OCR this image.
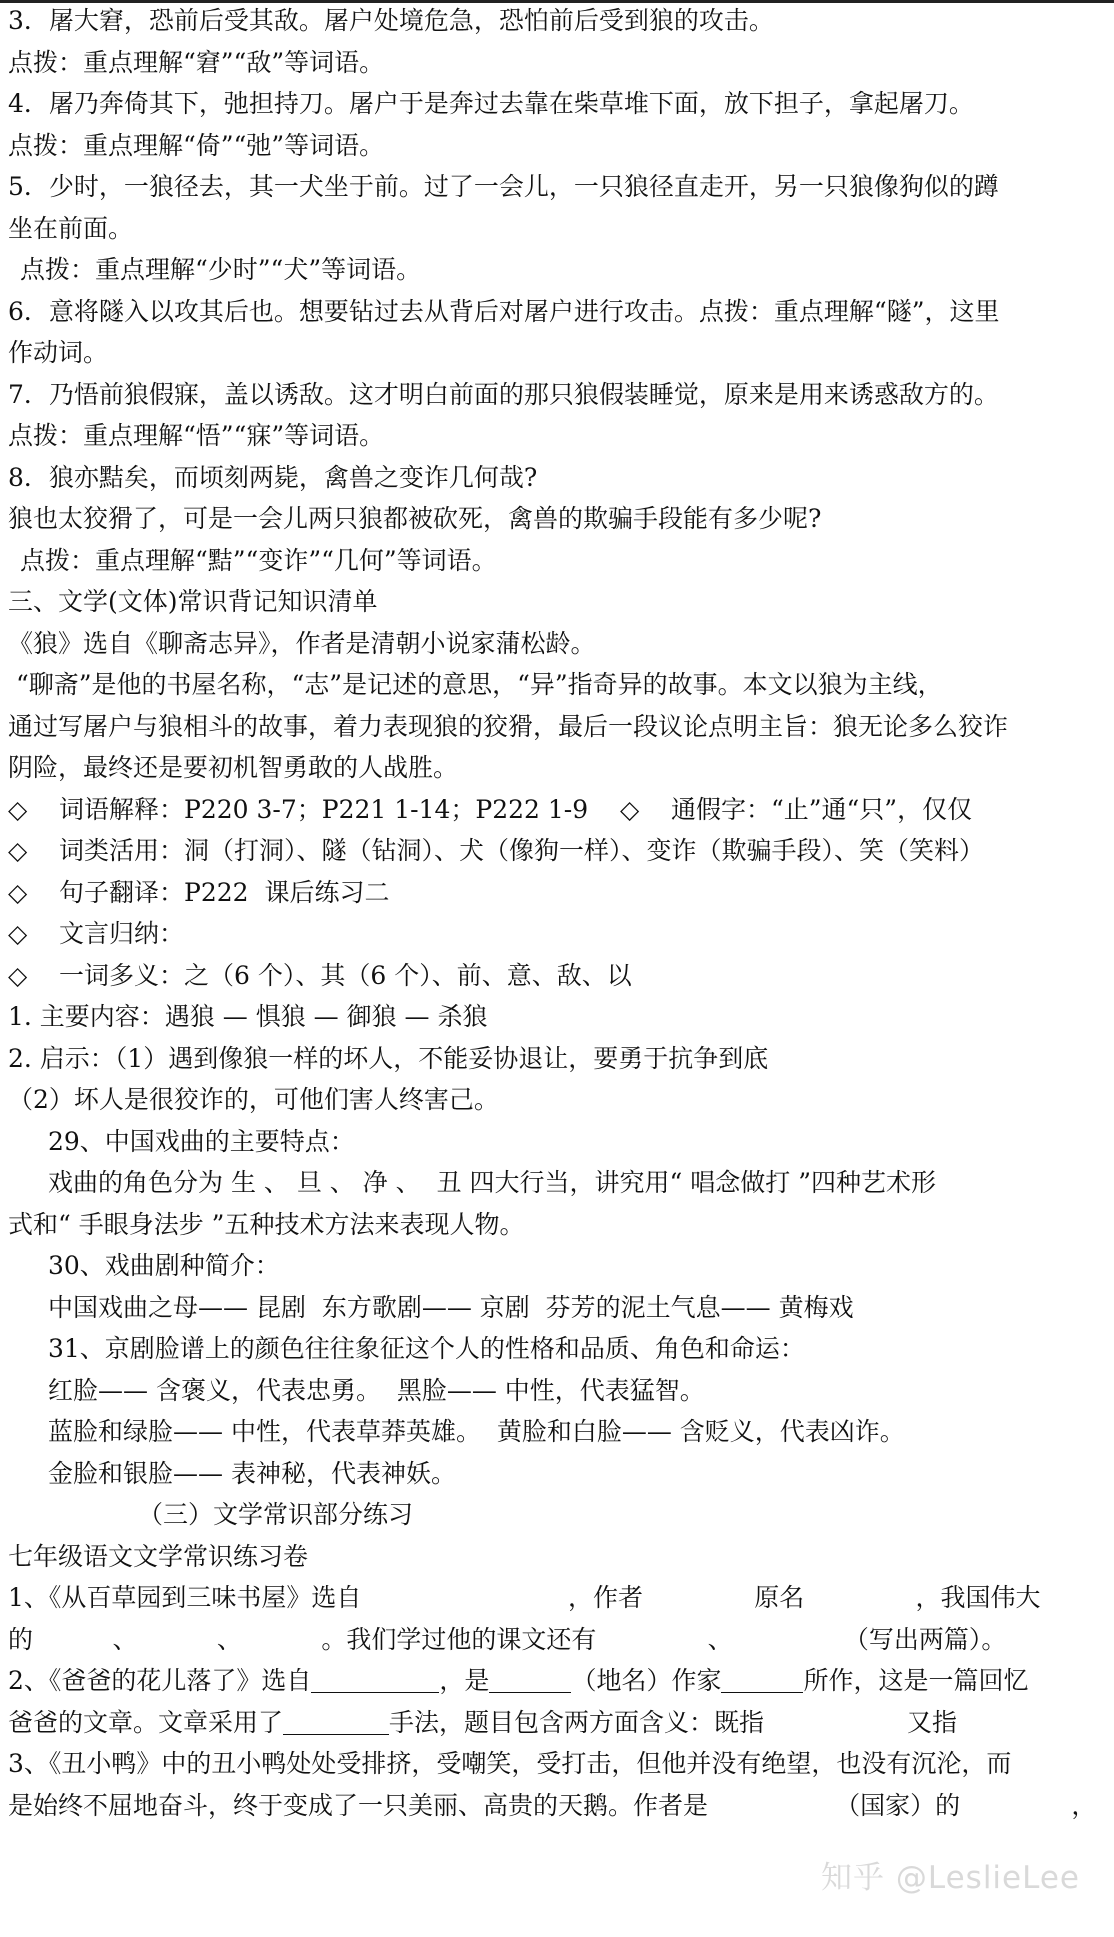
3．屠大窘，恐前后受其敌。屠户处境危急，恐怕前后受到狼的攻击。
点拨：重点理解“窘”“敌”等词语。
4．屠乃奔倚其下，弛担持刀。屠户于是奔过去靠在柴草堆下面，放下担子，拿起屠刀。
点拨：重点理解“倚”“弛”等词语。
5．少时，一狼径去，其一犬坐于前。过了一会儿，一只狼径直走开，另一只狼像狗似的蹲
坐在前面。
点拨：重点理解“少时”“犬”等词语。
6．意将隧入以攻其后也。想要钻过去从背后对屠户进行攻击。点拨：重点理解“隧”，这里
作动词。
7．乃悟前狼假寐，盖以诱敌。这才明白前面的那只狼假装睡觉，原来是用来诱惑敌方的。
点拨：重点理解“悟”“寐”等词语。
8．狼亦黠矣，而顷刻两毙，禽兽之变诈几何哉?
狼也太狡猾了，可是一会儿两只狼都被砍死，禽兽的欺骗手段能有多少呢?
点拨：重点理解“黠”“变诈”“几何”等词语。
三、文学(文体)常识背记知识清单
《狼》选自《聊斋志异》，作者是清朝小说家蒲松龄。
“聊斋”是他的书屋名称，“志”是记述的意思，“异”指奇异的故事。本文以狼为主线，
通过写屠户与狼相斗的故事，着力表现狼的狡猾，最后一段议论点明主旨：狼无论多么狡诈
阴险，最终还是要初机智勇敢的人战胜。
◇    词语解释：P220 3-7；P221 1-14；P222 1-9    ◇    通假字：“止”通“只”，仅仅
◇    词类活用：洞（打洞）、隧（钻洞）、犬（像狗一样）、变诈（欺骗手段）、笑（笑料）
◇    句子翻译：P222  课后练习二
◇    文言归纳：
◇    一词多义：之（6 个）、其（6 个）、前、意、敌、以
1. 主要内容：遇狼 — 惧狼 — 御狼 — 杀狼
2. 启示：（1）遇到像狼一样的坏人，不能妥协退让，要勇于抗争到底
（2）坏人是很狡诈的，可他们害人终害己。
29、中国戏曲的主要特点：
戏曲的角色分为 生 、 旦 、 净 、  丑 四大行当，讲究用“ 唱念做打 ”四种艺术形
式和“ 手眼身法步 ”五种技术方法来表现人物。
30、戏曲剧种简介：
中国戏曲之母—— 昆剧  东方歌剧—— 京剧  芬芳的泥土气息—— 黄梅戏
31、京剧脸谱上的颜色往往象征这个人的性格和品质、角色和命运：
红脸—— 含褒义，代表忠勇。  黑脸—— 中性，代表猛智。
蓝脸和绿脸—— 中性，代表草莽英雄。  黄脸和白脸—— 含贬义，代表凶诈。
金脸和银脸—— 表神秘，代表神妖。
（三）文学常识部分练习
七年级语文文学常识练习卷
1、《从百草园到三味书屋》选自                          ，作者              原名              ，我国伟大
的          、          、          。我们学过他的课文还有              、              （写出两篇）。
2、《爸爸的花儿落了》选自	，是	（地名）作家	所作，这是一篇回忆
爸爸的文章。文章采用了	手法，题目包含两方面含义：既指                  又指
3、《丑小鸭》中的丑小鸭处处受排挤，受嘲笑，受打击，但他并没有绝望，也没有沉沦，而
是始终不屈地奋斗，终于变成了一只美丽、高贵的天鹅。作者是                （国家）的              ，
知乎 @LeslieLee
